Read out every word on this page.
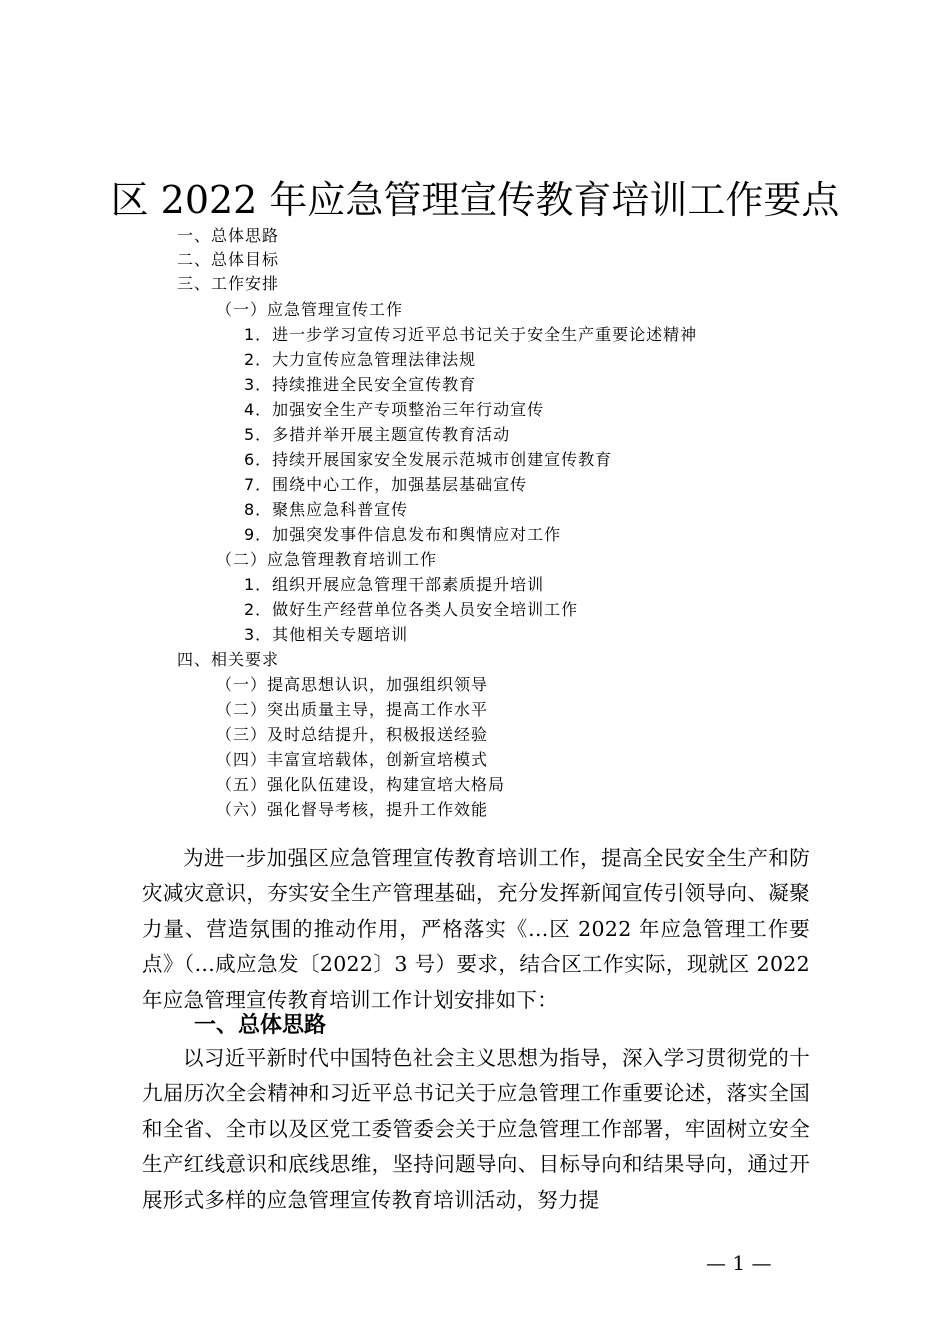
区 2022 年应急管理宣传教育培训工作要点
一、总体思路
二、总体目标
三、工作安排
（一）应急管理宣传工作
1．进一步学习宣传习近平总书记关于安全生产重要论述精神
2．大力宣传应急管理法律法规
3．持续推进全民安全宣传教育
4．加强安全生产专项整治三年行动宣传
5．多措并举开展主题宣传教育活动
6．持续开展国家安全发展示范城市创建宣传教育
7．围绕中心工作，加强基层基础宣传
8．聚焦应急科普宣传
9．加强突发事件信息发布和舆情应对工作
（二）应急管理教育培训工作
1．组织开展应急管理干部素质提升培训
2．做好生产经营单位各类人员安全培训工作
3．其他相关专题培训
四、相关要求
（一）提高思想认识，加强组织领导
（二）突出质量主导，提高工作水平
（三）及时总结提升，积极报送经验
（四）丰富宣培载体，创新宣培模式
（五）强化队伍建设，构建宣培大格局
（六）强化督导考核，提升工作效能
为进一步加强区应急管理宣传教育培训工作，提高全民安全生产和防灾减灾意识，夯实安全生产管理基础，充分发挥新闻宣传引领导向、凝聚力量、营造氛围的推动作用，严格落实《...区 2022 年应急管理工作要点》（...咸应急发〔2022〕3 号）要求，结合区工作实际，现就区 2022 年应急管理宣传教育培训工作计划安排如下：
一、总体思路
以习近平新时代中国特色社会主义思想为指导，深入学习贯彻党的十九届历次全会精神和习近平总书记关于应急管理工作重要论述，落实全国和全省、全市以及区党工委管委会关于应急管理工作部署，牢固树立安全生产红线意识和底线思维，坚持问题导向、目标导向和结果导向，通过开展形式多样的应急管理宣传教育培训活动，努力提
— 1 —
